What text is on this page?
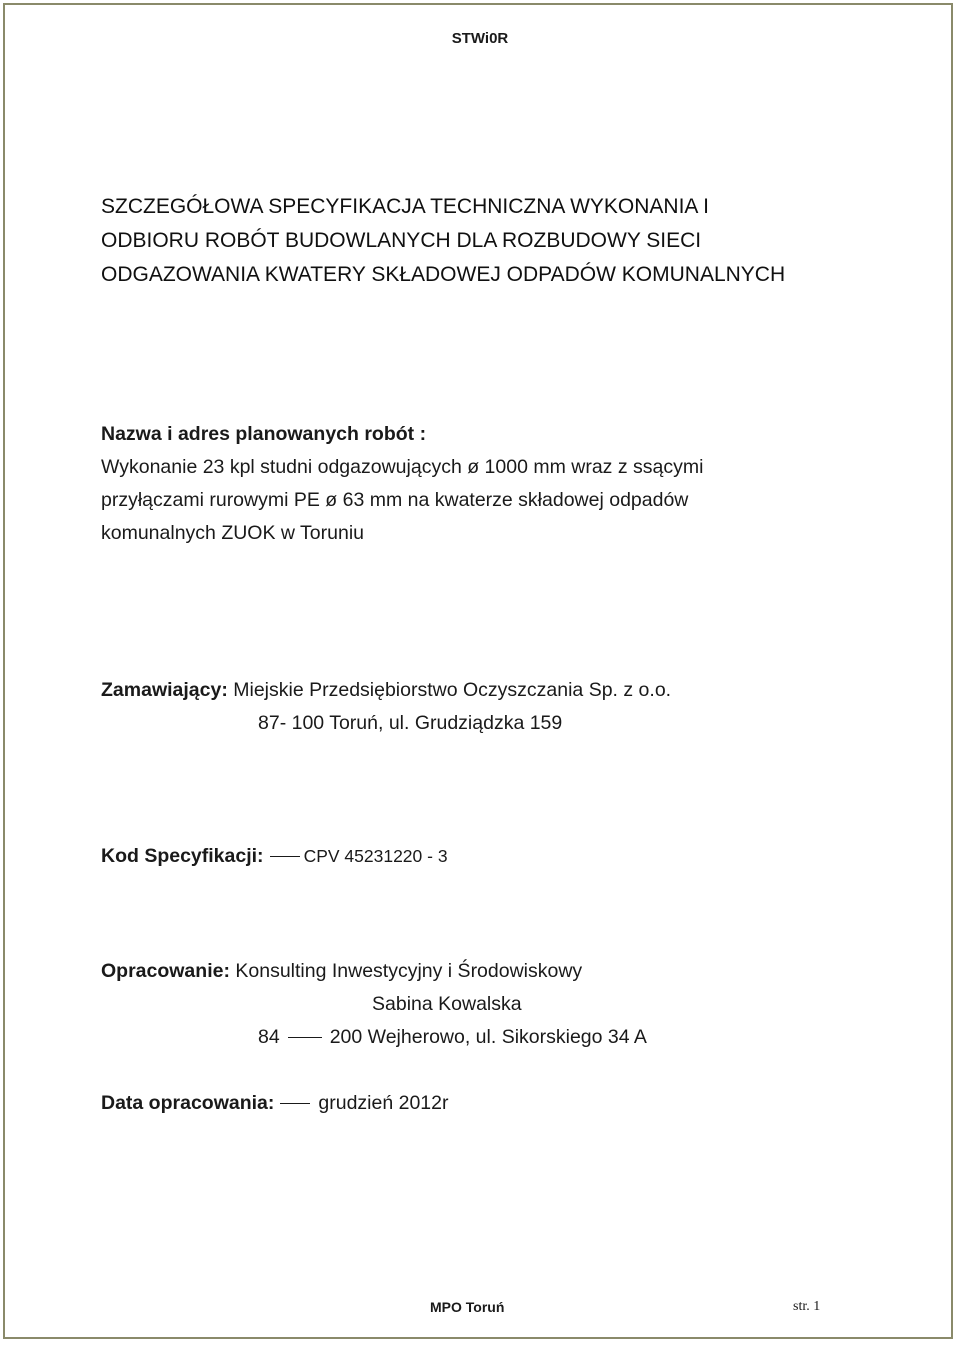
STWi0R
SZCZEGÓŁOWA SPECYFIKACJA TECHNICZNA WYKONANIA I
ODBIORU ROBÓT BUDOWLANYCH DLA ROZBUDOWY SIECI
ODGAZOWANIA KWATERY SKŁADOWEJ ODPADÓW KOMUNALNYCH
Nazwa i adres planowanych robót :
Wykonanie 23 kpl studni odgazowujących ø 1000 mm wraz z ssącymi
przyłączami rurowymi PE ø 63 mm na kwaterze składowej odpadów
komunalnych ZUOK w Toruniu
Zamawiający: Miejskie Przedsiębiorstwo Oczyszczania Sp. z o.o.
87- 100 Toruń, ul. Grudziądzka 159
Kod Specyfikacji: CPV 45231220 - 3
Opracowanie: Konsulting Inwestycyjny i Środowiskowy
Sabina Kowalska
84	200 Wejherowo, ul. Sikorskiego 34 A
Data opracowania: grudzień 2012r
MPO Toruń	str. 1
